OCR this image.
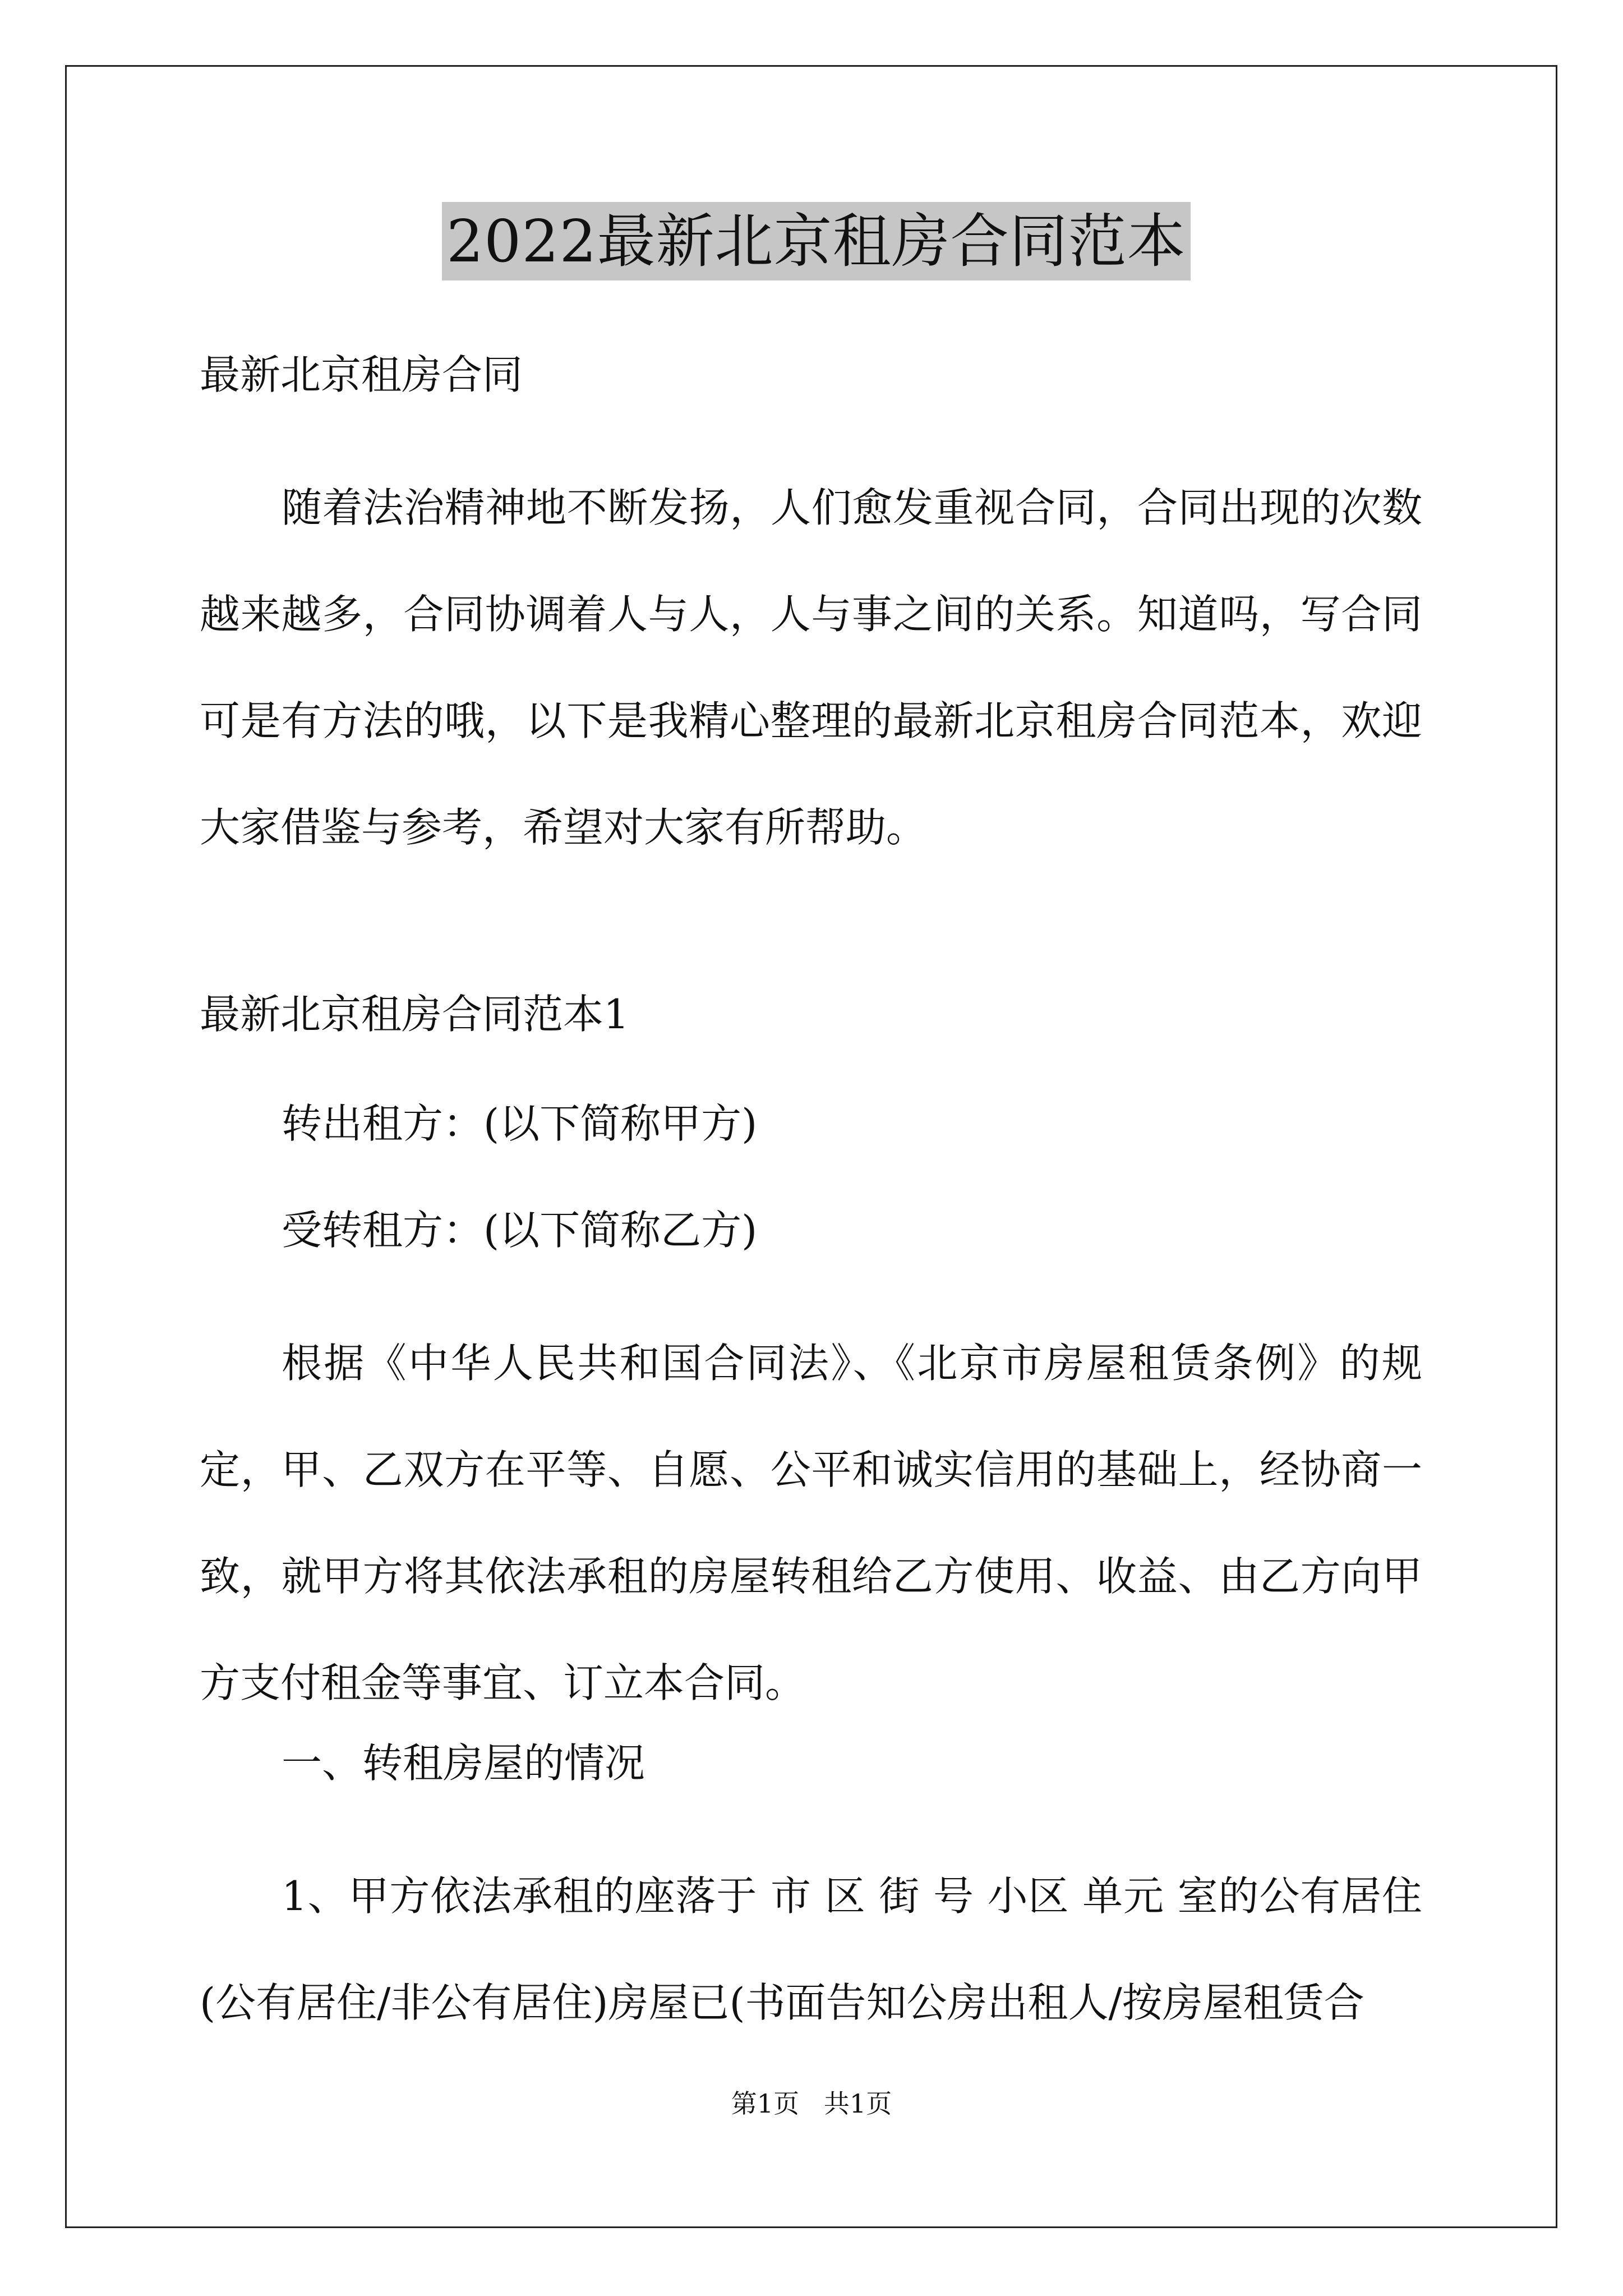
2022最新北京租房合同范本
最新北京租房合同
随着法治精神地不断发扬，人们愈发重视合同，合同出现的次数越来越多，合同协调着人与人，人与事之间的关系。知道吗，写合同可是有方法的哦，以下是我精心整理的最新北京租房合同范本，欢迎大家借鉴与参考，希望对大家有所帮助。
最新北京租房合同范本1
转出租方：(以下简称甲方)
受转租方：(以下简称乙方)
根据《中华人民共和国合同法》、《北京市房屋租赁条例》的规定，甲、乙双方在平等、自愿、公平和诚实信用的基础上，经协商一致，就甲方将其依法承租的房屋转租给乙方使用、收益、由乙方向甲方支付租金等事宜、订立本合同。
一、转租房屋的情况
1、甲方依法承租的座落于 市 区 街 号 小区 单元 室的公有居住(公有居住/非公有居住)房屋已(书面告知公房出租人/按房屋租赁合
第1页   共1页
